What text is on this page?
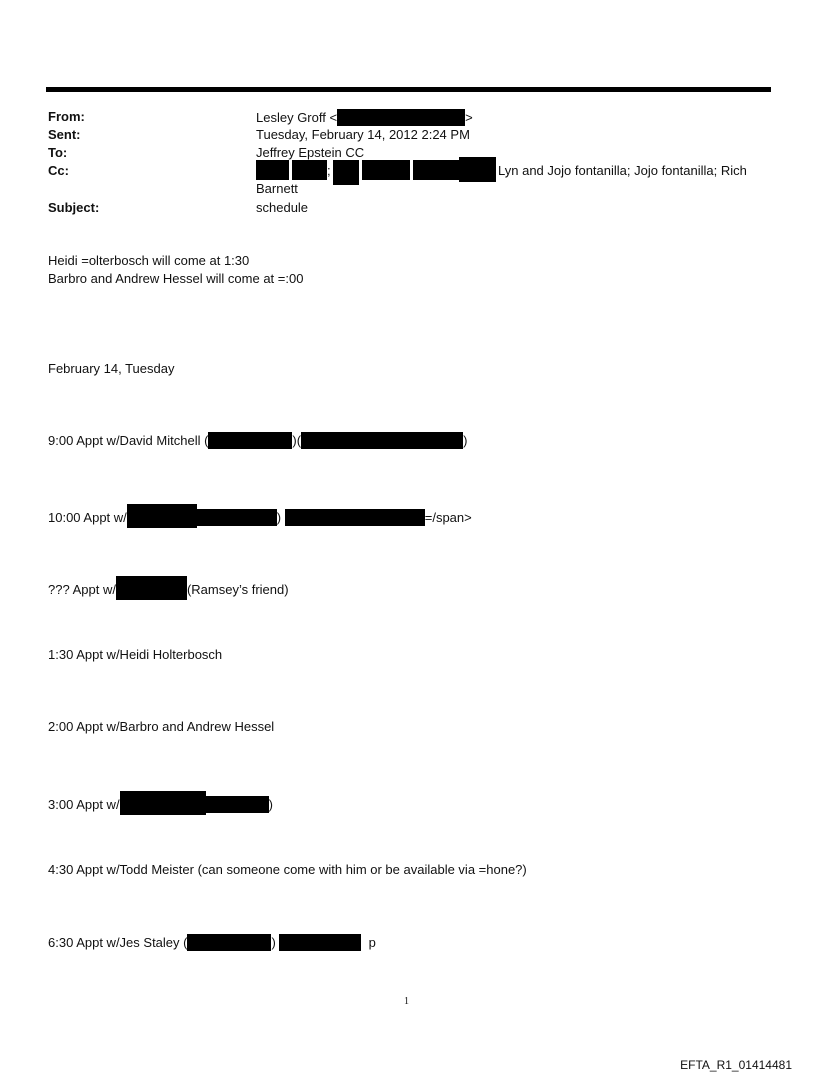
From:	Lesley Groff <	>
Sent:	Tuesday, February 14, 2012 2:24 PM
To:	Jeffrey Epstein CC
Cc:	;	Lyn and Jojo fontanilla; Jojo fontanilla; Rich
Barnett
Subject:	schedule
Heidi =olterbosch will come at 1:30
Barbro and Andrew Hessel will come at =:00
February 14, Tuesday
9:00 Appt w/David Mitchell (	)(	)
10:00 Appt w/	)	=/span>
??? Appt w/	(Ramsey’s friend)
1:30 Appt w/Heidi Holterbosch
2:00 Appt w/Barbro and Andrew Hessel
3:00 Appt w/	)
4:30 Appt w/Todd Meister (can someone come with him or be available via =hone?)
6:30 Appt w/Jes Staley (	)	p
1
EFTA_R1_01414481
